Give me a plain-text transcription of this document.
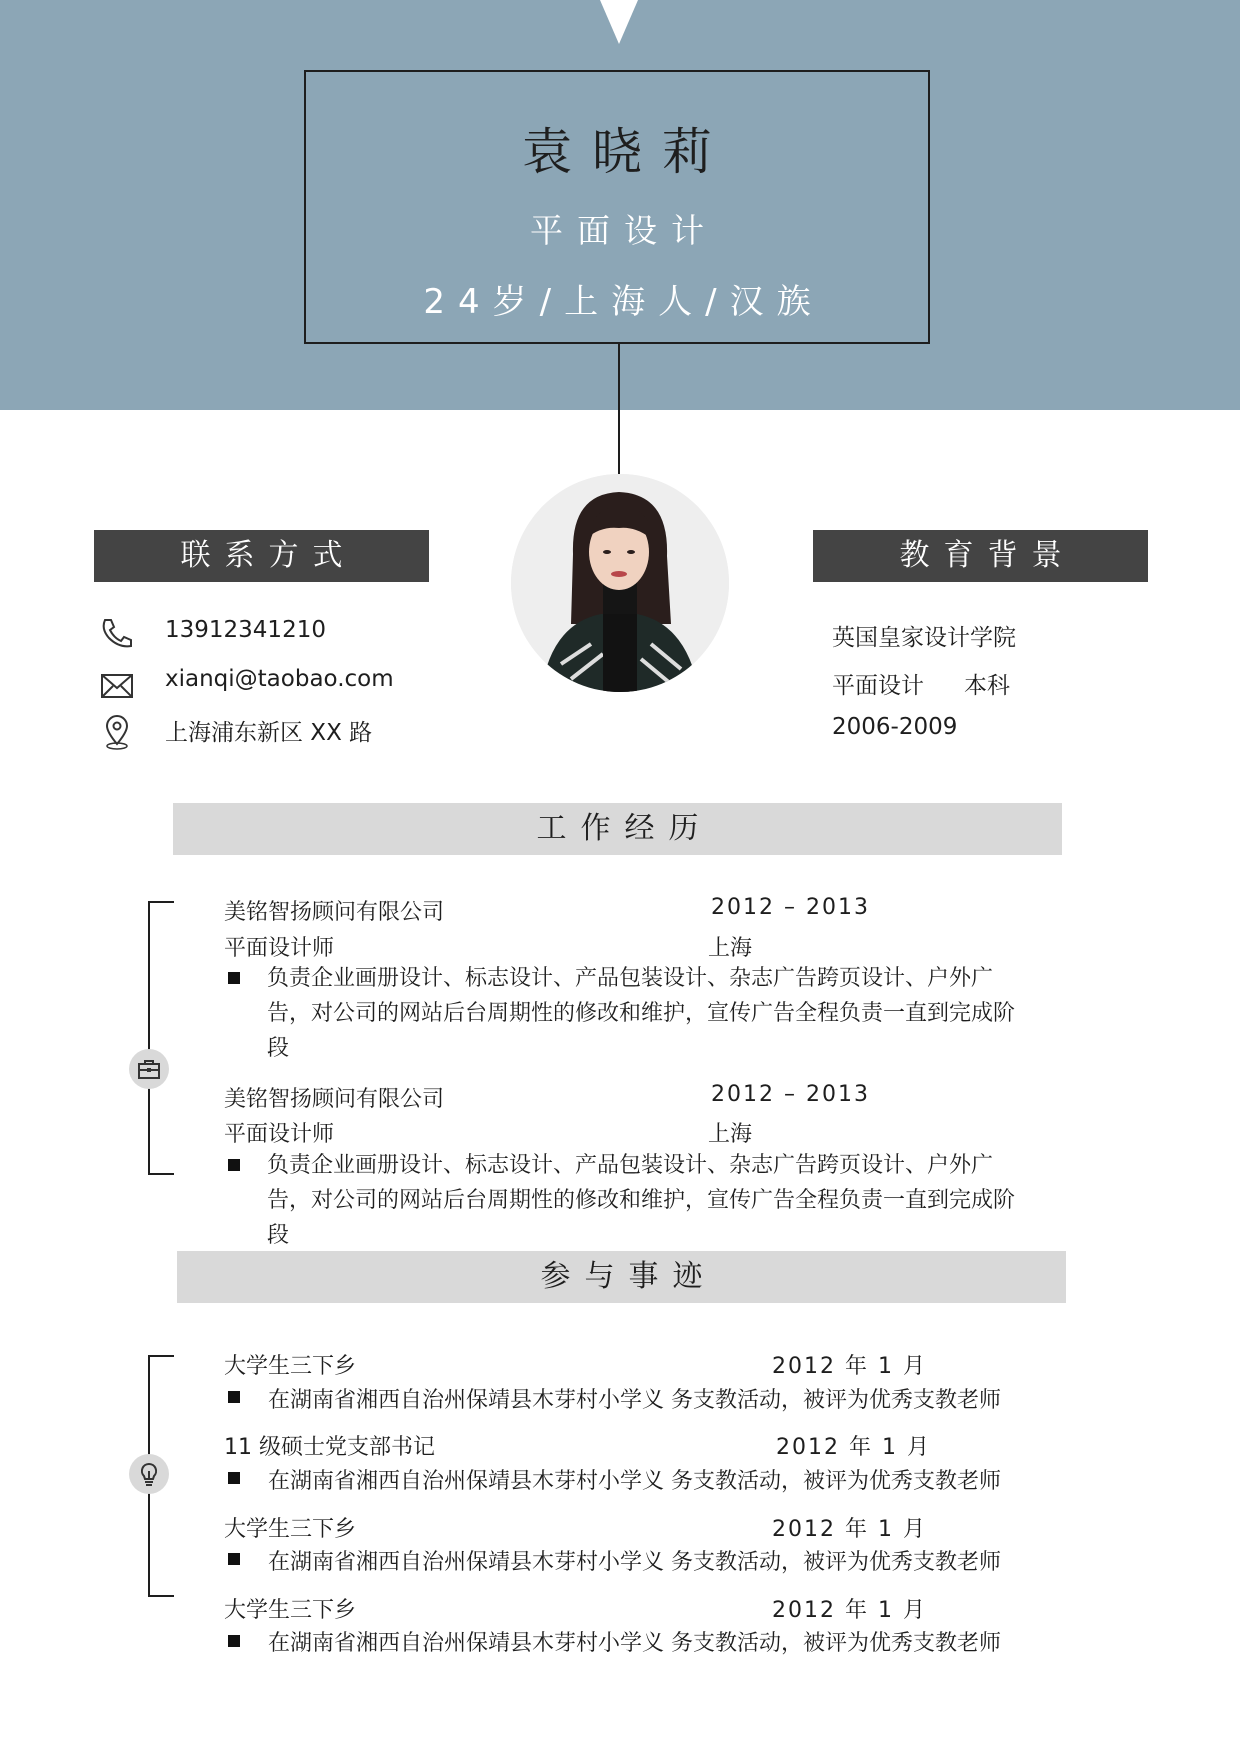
袁晓莉
平面设计
24岁/上海人/汉族
联系方式
13912341210
xianqi@taobao.com
上海浦东新区 XX 路
教育背景
英国皇家设计学院
平面设计 本科
2006-2009
工作经历
美铭智扬顾问有限公司	2012 – 2013
平面设计师	上海
负责企业画册设计、标志设计、产品包装设计、杂志广告跨页设计、户外广告，对公司的网站后台周期性的修改和维护，宣传广告全程负责一直到完成阶段
美铭智扬顾问有限公司	2012 – 2013
平面设计师	上海
负责企业画册设计、标志设计、产品包装设计、杂志广告跨页设计、户外广告，对公司的网站后台周期性的修改和维护，宣传广告全程负责一直到完成阶段
参与事迹
大学生三下乡	2012 年 1 月
在湖南省湘西自治州保靖县木芽村小学义 务支教活动，被评为优秀支教老师
11 级硕士党支部书记	2012 年 1 月
在湖南省湘西自治州保靖县木芽村小学义 务支教活动，被评为优秀支教老师
大学生三下乡	2012 年 1 月
在湖南省湘西自治州保靖县木芽村小学义 务支教活动，被评为优秀支教老师
大学生三下乡	2012 年 1 月
在湖南省湘西自治州保靖县木芽村小学义 务支教活动，被评为优秀支教老师
